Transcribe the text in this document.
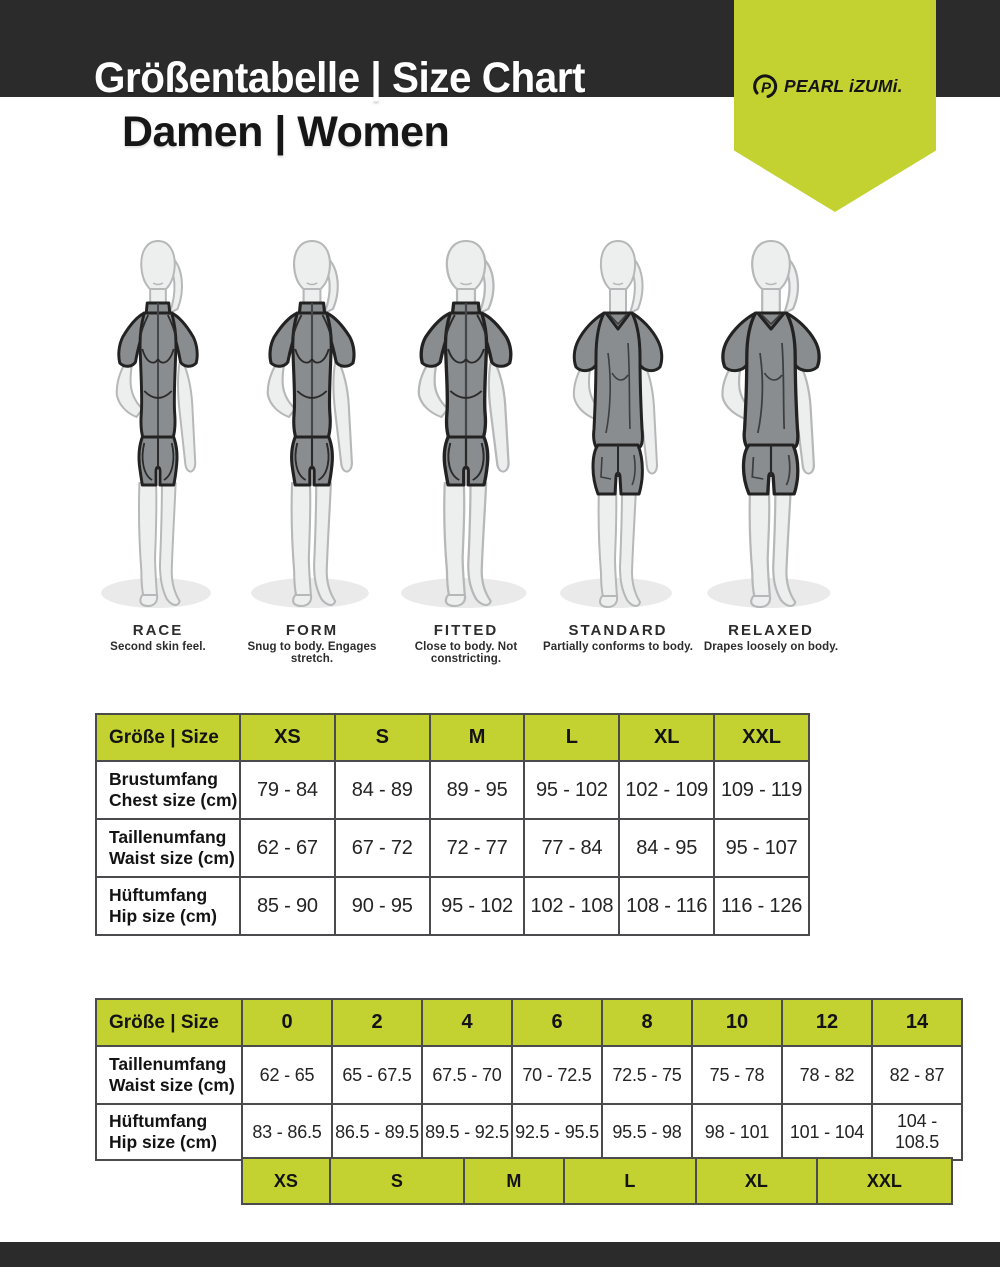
P PEARL iZUMi.
Größentabelle | Size Chart
Damen | Women
RACE
Second skin feel.
FORM
Snug to body. Engages stretch.
FITTED
Close to body. Not constricting.
STANDARD
Partially conforms to body.
RELAXED
Drapes loosely on body.
Größe | Size	XS	S	M	L	XL	XXL
Brustumfang
Chest size (cm)	79 - 84	84 - 89	89 - 95	95 - 102	102 - 109	109 - 119
Taillenumfang
Waist size (cm)	62 - 67	67 - 72	72 - 77	77 - 84	84 - 95	95 - 107
Hüftumfang
Hip size (cm)	85 - 90	90 - 95	95 - 102	102 - 108	108 - 116	116 - 126
Größe | Size	0	2	4	6	8	10	12	14
Taillenumfang
Waist size (cm)	62 - 65	65 - 67.5	67.5 - 70	70 - 72.5	72.5 - 75	75 - 78	78 - 82	82 - 87
Hüftumfang
Hip size (cm)	83 - 86.5	86.5 - 89.5	89.5 - 92.5	92.5 - 95.5	95.5 - 98	98 - 101	101 - 104	104 - 108.5
XS	S	M	L	XL	XXL
